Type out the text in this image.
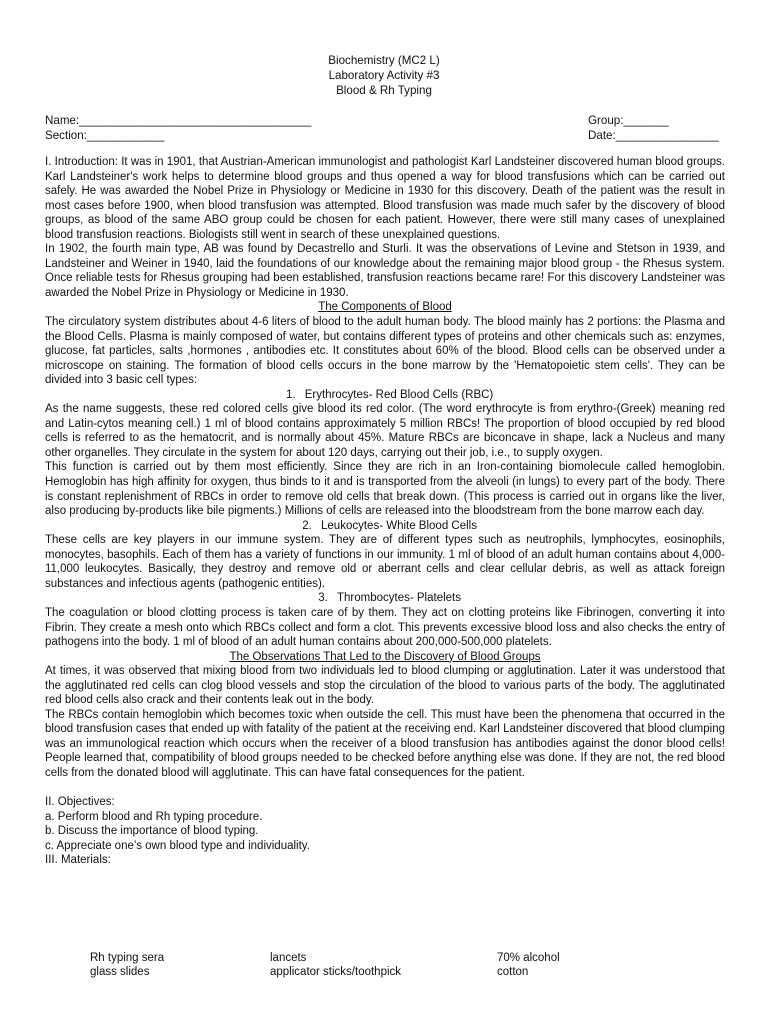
Biochemistry (MC2 L)
Laboratory Activity #3
Blood & Rh Typing
Name:____________________________________	Group:_______
Section:____________	Date:________________

I. Introduction: It was in 1901, that Austrian-American immunologist and pathologist Karl Landsteiner discovered human blood groups. Karl Landsteiner's work helps to determine blood groups and thus opened a way for blood transfusions which can be carried out safely. He was awarded the Nobel Prize in Physiology or Medicine in 1930 for this discovery. Death of the patient was the result in most cases before 1900, when blood transfusion was attempted. Blood transfusion was made much safer by the discovery of blood groups, as blood of the same ABO group could be chosen for each patient. However, there were still many cases of unexplained blood transfusion reactions. Biologists still went in search of these unexplained questions.

In 1902, the fourth main type, AB was found by Decastrello and Sturli. It was the observations of Levine and Stetson in 1939, and Landsteiner and Weiner in 1940, laid the foundations of our knowledge about the remaining major blood group - the Rhesus system. Once reliable tests for Rhesus grouping had been established, transfusion reactions became rare! For this discovery Landsteiner was awarded the Nobel Prize in Physiology or Medicine in 1930.

The Components of Blood

The circulatory system distributes about 4-6 liters of blood to the adult human body. The blood mainly has 2 portions: the Plasma and the Blood Cells. Plasma is mainly composed of water, but contains different types of proteins and other chemicals such as: enzymes, glucose, fat particles, salts ,hormones , antibodies etc. It constitutes about 60% of the blood. Blood cells can be observed under a microscope on staining. The formation of blood cells occurs in the bone marrow by the 'Hematopoietic stem cells'. They can be divided into 3 basic cell types:

1. Erythrocytes- Red Blood Cells (RBC)

As the name suggests, these red colored cells give blood its red color. (The word erythrocyte is from erythro-(Greek) meaning red and Latin-cytos meaning cell.) 1 ml of blood contains approximately 5 million RBCs! The proportion of blood occupied by red blood cells is referred to as the hematocrit, and is normally about 45%. Mature RBCs are biconcave in shape, lack a Nucleus and many other organelles. They circulate in the system for about 120 days, carrying out their job, i.e., to supply oxygen.

This function is carried out by them most efficiently. Since they are rich in an Iron-containing biomolecule called hemoglobin. Hemoglobin has high affinity for oxygen, thus binds to it and is transported from the alveoli (in lungs) to every part of the body. There is constant replenishment of RBCs in order to remove old cells that break down. (This process is carried out in organs like the liver, also producing by-products like bile pigments.) Millions of cells are released into the bloodstream from the bone marrow each day.

2. Leukocytes- White Blood Cells

These cells are key players in our immune system. They are of different types such as neutrophils, lymphocytes, eosinophils, monocytes, basophils. Each of them has a variety of functions in our immunity. 1 ml of blood of an adult human contains about 4,000-11,000 leukocytes. Basically, they destroy and remove old or aberrant cells and clear cellular debris, as well as attack foreign substances and infectious agents (pathogenic entities).

3. Thrombocytes- Platelets

The coagulation or blood clotting process is taken care of by them. They act on clotting proteins like Fibrinogen, converting it into Fibrin. They create a mesh onto which RBCs collect and form a clot. This prevents excessive blood loss and also checks the entry of pathogens into the body. 1 ml of blood of an adult human contains about 200,000-500,000 platelets.

The Observations That Led to the Discovery of Blood Groups

At times, it was observed that mixing blood from two individuals led to blood clumping or agglutination. Later it was understood that the agglutinated red cells can clog blood vessels and stop the circulation of the blood to various parts of the body. The agglutinated red blood cells also crack and their contents leak out in the body.

The RBCs contain hemoglobin which becomes toxic when outside the cell. This must have been the phenomena that occurred in the blood transfusion cases that ended up with fatality of the patient at the receiving end. Karl Landsteiner discovered that blood clumping was an immunological reaction which occurs when the receiver of a blood transfusion has antibodies against the donor blood cells! People learned that, compatibility of blood groups needed to be checked before anything else was done. If they are not, the red blood cells from the donated blood will agglutinate. This can have fatal consequences for the patient.

II. Objectives:

a. Perform blood and Rh typing procedure.

b. Discuss the importance of blood typing.

c. Appreciate one’s own blood type and individuality.

III. Materials:

Rh typing sera	lancets	70% alcohol
glass slides	applicator sticks/toothpick	cotton
